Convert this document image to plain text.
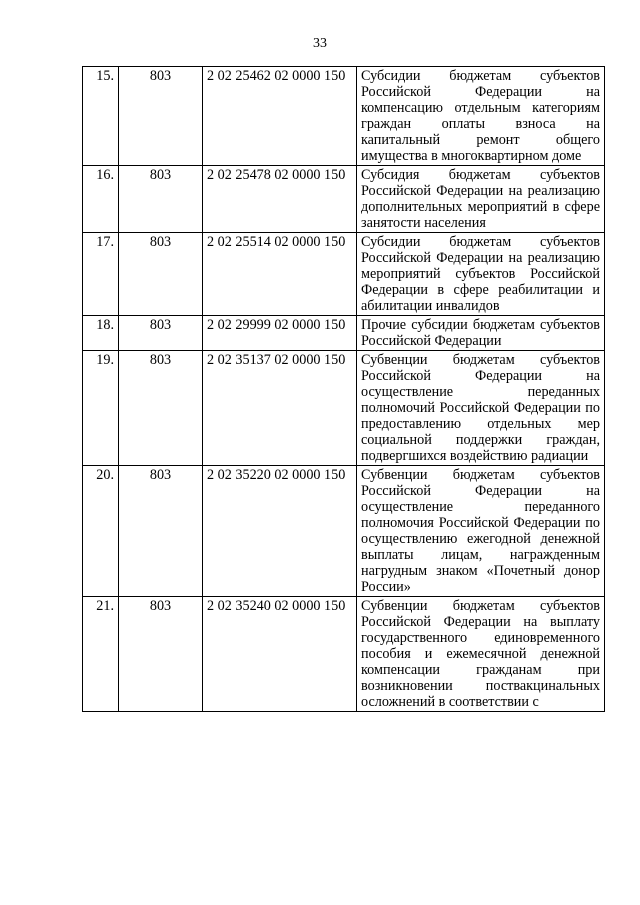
33
15.	803	2 02 25462 02 0000 150	Субсидии бюджетам субъектов Российской Федерации на компенсацию отдельным категориям граждан оплаты взноса на капитальный ремонт общего имущества в многоквартирном доме
16.	803	2 02 25478 02 0000 150	Субсидия бюджетам субъектов Российской Федерации на реализацию дополнительных мероприятий в сфере занятости населения
17.	803	2 02 25514 02 0000 150	Субсидии бюджетам субъектов Российской Федерации на реализацию мероприятий субъектов Российской Федерации в сфере реабилитации и абилитации инвалидов
18.	803	2 02 29999 02 0000 150	Прочие субсидии бюджетам субъектов Российской Федерации
19.	803	2 02 35137 02 0000 150	Субвенции бюджетам субъектов Российской Федерации на осуществление переданных полномочий Российской Федерации по предоставлению отдельных мер социальной поддержки граждан, подвергшихся воздействию радиации
20.	803	2 02 35220 02 0000 150	Субвенции бюджетам субъектов Российской Федерации на осуществление переданного полномочия Российской Федерации по осуществлению ежегодной денежной выплаты лицам, награжденным нагрудным знаком «Почетный донор России»
21.	803	2 02 35240 02 0000 150	Субвенции бюджетам субъектов Российской Федерации на выплату государственного единовременного пособия и ежемесячной денежной компенсации гражданам при возникновении поствакцинальных осложнений в соответствии с
